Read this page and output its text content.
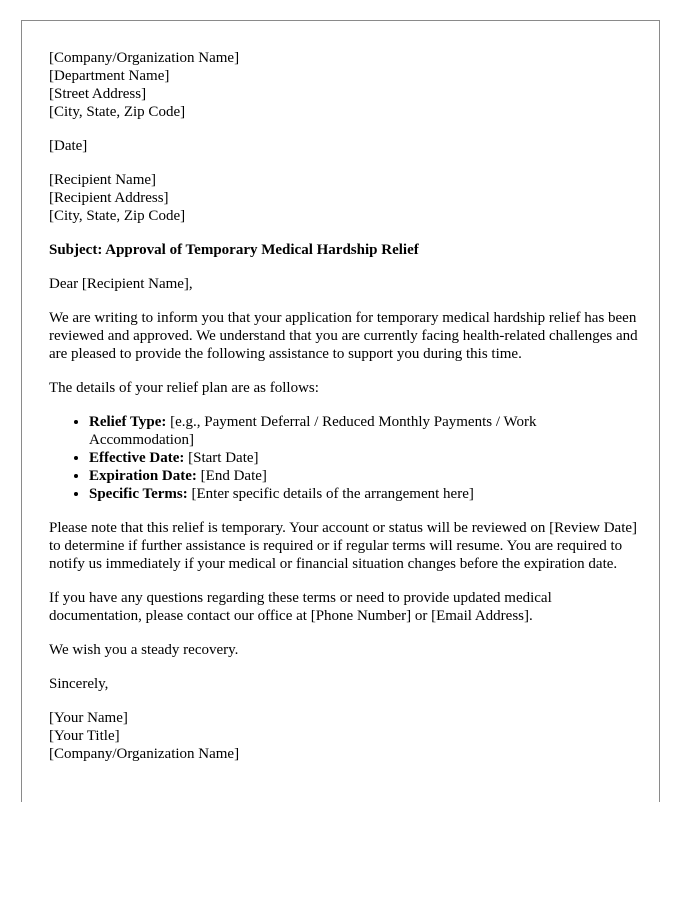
[Company/Organization Name]
[Department Name]
[Street Address]
[City, State, Zip Code]

[Date]

[Recipient Name]
[Recipient Address]
[City, State, Zip Code]

Subject: Approval of Temporary Medical Hardship Relief

Dear [Recipient Name],

We are writing to inform you that your application for temporary medical hardship relief has been reviewed and approved. We understand that you are currently facing health-related challenges and are pleased to provide the following assistance to support you during this time.

The details of your relief plan are as follows:

• Relief Type: [e.g., Payment Deferral / Reduced Monthly Payments / Work Accommodation]
• Effective Date: [Start Date]
• Expiration Date: [End Date]
• Specific Terms: [Enter specific details of the arrangement here]

Please note that this relief is temporary. Your account or status will be reviewed on [Review Date] to determine if further assistance is required or if regular terms will resume. You are required to notify us immediately if your medical or financial situation changes before the expiration date.

If you have any questions regarding these terms or need to provide updated medical documentation, please contact our office at [Phone Number] or [Email Address].

We wish you a steady recovery.

Sincerely,

[Your Name]
[Your Title]
[Company/Organization Name]
